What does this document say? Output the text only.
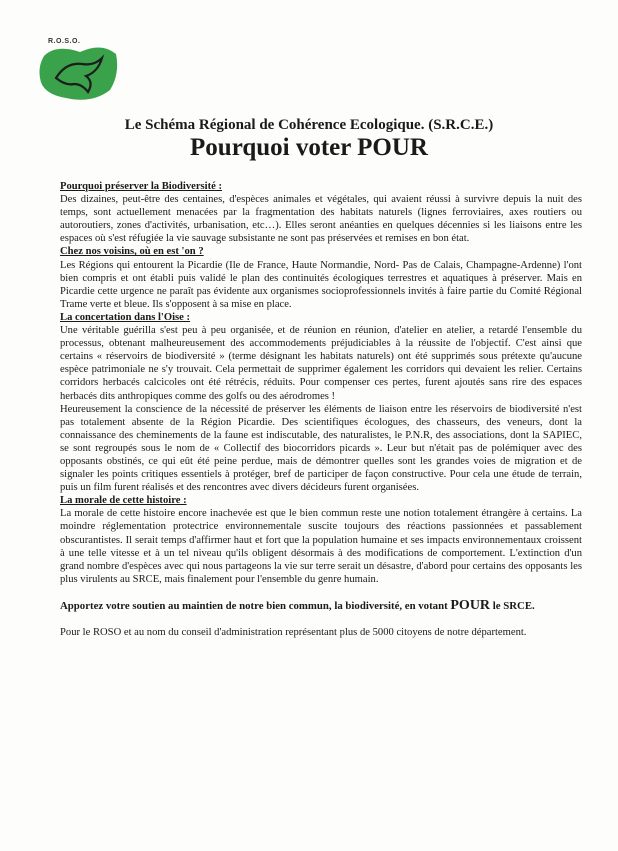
R.O.S.O.
Le Schéma Régional de Cohérence Ecologique. (S.R.C.E.)
Pourquoi voter POUR
Pourquoi préserver la Biodiversité :

Des dizaines, peut-être des centaines, d'espèces animales et végétales, qui avaient réussi à survivre depuis la nuit des temps, sont actuellement menacées par la fragmentation des habitats naturels (lignes ferroviaires, axes routiers ou autoroutiers, zones d'activités, urbanisation, etc…). Elles seront anéanties en quelques décennies si les liaisons entre les espaces où s'est réfugiée la vie sauvage subsistante ne sont pas préservées et remises en bon état.

Chez nos voisins, où en est 'on ?

Les Régions qui entourent la Picardie (Ile de France, Haute Normandie, Nord- Pas de Calais, Champagne-Ardenne) l'ont bien compris et ont établi puis validé le plan des continuités écologiques terrestres et aquatiques à préserver. Mais en Picardie cette urgence ne paraît pas évidente aux organismes socioprofessionnels invités à faire partie du Comité Régional Trame verte et bleue. Ils s'opposent à sa mise en place.

La concertation dans l'Oise :

Une véritable guérilla s'est peu à peu organisée, et de réunion en réunion, d'atelier en atelier, a retardé l'ensemble du processus, obtenant malheureusement des accommodements préjudiciables à la réussite de l'objectif. C'est ainsi que certains « réservoirs de biodiversité » (terme désignant les habitats naturels) ont été supprimés sous prétexte qu'aucune espèce patrimoniale ne s'y trouvait. Cela permettait de supprimer également les corridors qui devaient les relier. Certains corridors herbacés calcicoles ont été rétrécis, réduits. Pour compenser ces pertes, furent ajoutés sans rire des espaces herbacés dits anthropiques comme des golfs ou des aérodromes !

Heureusement la conscience de la nécessité de préserver les éléments de liaison entre les réservoirs de biodiversité n'est pas totalement absente de la Région Picardie. Des scientifiques écologues, des chasseurs, des veneurs, dont la connaissance des cheminements de la faune est indiscutable, des naturalistes, le P.N.R, des associations, dont la SAPIEC, se sont regroupés sous le nom de « Collectif des biocorridors picards ». Leur but n'était pas de polémiquer avec des opposants obstinés, ce qui eût été peine perdue, mais de démontrer quelles sont les grandes voies de migration et de signaler les points critiques essentiels à protéger, bref de participer de façon constructive. Pour cela une étude de terrain, puis un film furent réalisés et des rencontres avec divers décideurs furent organisées.

La morale de cette histoire :

La morale de cette histoire encore inachevée est que le bien commun reste une notion totalement étrangère à certains. La moindre réglementation protectrice environnementale suscite toujours des réactions passionnées et passablement obscurantistes. Il serait temps d'affirmer haut et fort que la population humaine et ses impacts environnementaux croissent à une telle vitesse et à un tel niveau qu'ils obligent désormais à des modifications de comportement. L'extinction d'un grand nombre d'espèces avec qui nous partageons la vie sur terre serait un désastre, d'abord pour certains des opposants les plus virulents au SRCE, mais finalement pour l'ensemble du genre humain.

Apportez votre soutien au maintien de notre bien commun, la biodiversité, en votant POUR le SRCE.

Pour le ROSO et au nom du conseil d'administration représentant plus de 5000 citoyens de notre département.
